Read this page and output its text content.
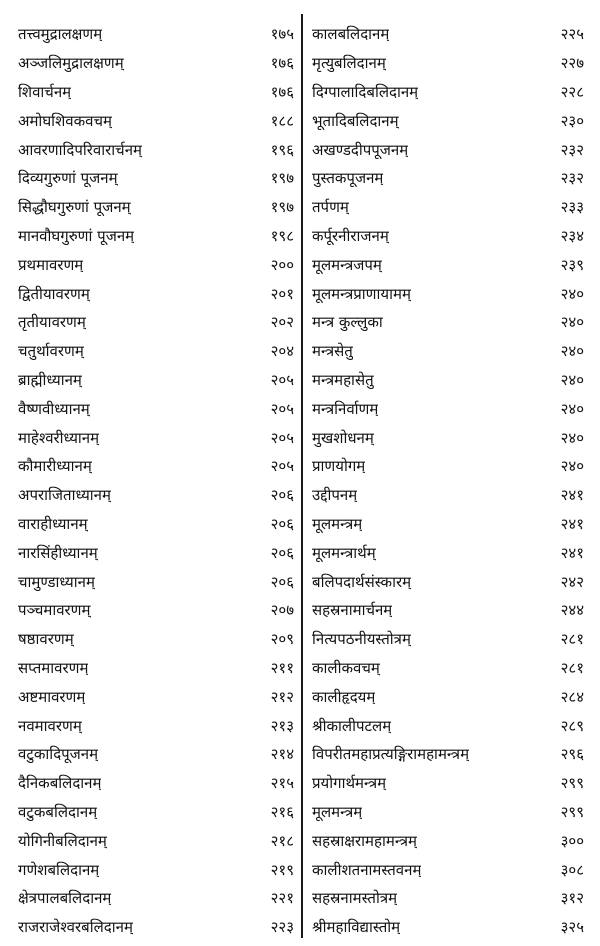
तत्त्वमुद्रालक्षणम्	१७५
अञ्जलिमुद्रालक्षणम्	१७६
शिवार्चनम्	१७६
अमोघशिवकवचम्	१८८
आवरणादिपरिवारार्चनम्	१९६
दिव्यगुरुणां पूजनम्	१९७
सिद्धौघगुरुणां पूजनम्	१९७
मानवौघगुरुणां पूजनम्	१९८
प्रथमावरणम्	२००
द्वितीयावरणम्	२०१
तृतीयावरणम्	२०२
चतुर्थावरणम्	२०४
ब्राह्मीध्यानम्	२०५
वैष्णवीध्यानम्	२०५
माहेश्वरीध्यानम्	२०५
कौमारीध्यानम्	२०५
अपराजिताध्यानम्	२०६
वाराहीध्यानम्	२०६
नारसिंहीध्यानम्	२०६
चामुण्डाध्यानम्	२०६
पञ्चमावरणम्	२०७
षष्ठावरणम्	२०९
सप्तमावरणम्	२११
अष्टमावरणम्	२१२
नवमावरणम्	२१३
वटुकादिपूजनम्	२१४
दैनिकबलिदानम्	२१५
वटुकबलिदानम्	२१६
योगिनीबलिदानम्	२१८
गणेशबलिदानम्	२१९
क्षेत्रपालबलिदानम्	२२१
राजराजेश्वरबलिदानम्	२२३
कालबलिदानम्	२२५
मृत्युबलिदानम्	२२७
दिग्पालादिबलिदानम्	२२८
भूतादिबलिदानम्	२३०
अखण्डदीपपूजनम्	२३२
पुस्तकपूजनम्	२३२
तर्पणम्	२३३
कर्पूरनीराजनम्	२३४
मूलमन्त्रजपम्	२३९
मूलमन्त्रप्राणायामम्	२४०
मन्त्र कुल्लुका	२४०
मन्त्रसेतु	२४०
मन्त्रमहासेतु	२४०
मन्त्रनिर्वाणम्	२४०
मुखशोधनम्	२४०
प्राणयोगम्	२४०
उद्दीपनम्	२४१
मूलमन्त्रम्	२४१
मूलमन्त्रार्थम्	२४१
बलिपदार्थसंस्कारम्	२४२
सहस्रनामार्चनम्	२४४
नित्यपठनीयस्तोत्रम्	२८१
कालीकवचम्	२८१
कालीहृदयम्	२८४
श्रीकालीपटलम्	२८९
विपरीतमहाप्रत्यङ्गिरामहामन्त्रम्	२९६
प्रयोगार्थमन्त्रम्	२९९
मूलमन्त्रम्	२९९
सहस्राक्षरामहामन्त्रम्	३००
कालीशतनामस्तवनम्	३०८
सहस्रनामस्तोत्रम्	३१२
श्रीमहाविद्यास्तोम्	३२५
